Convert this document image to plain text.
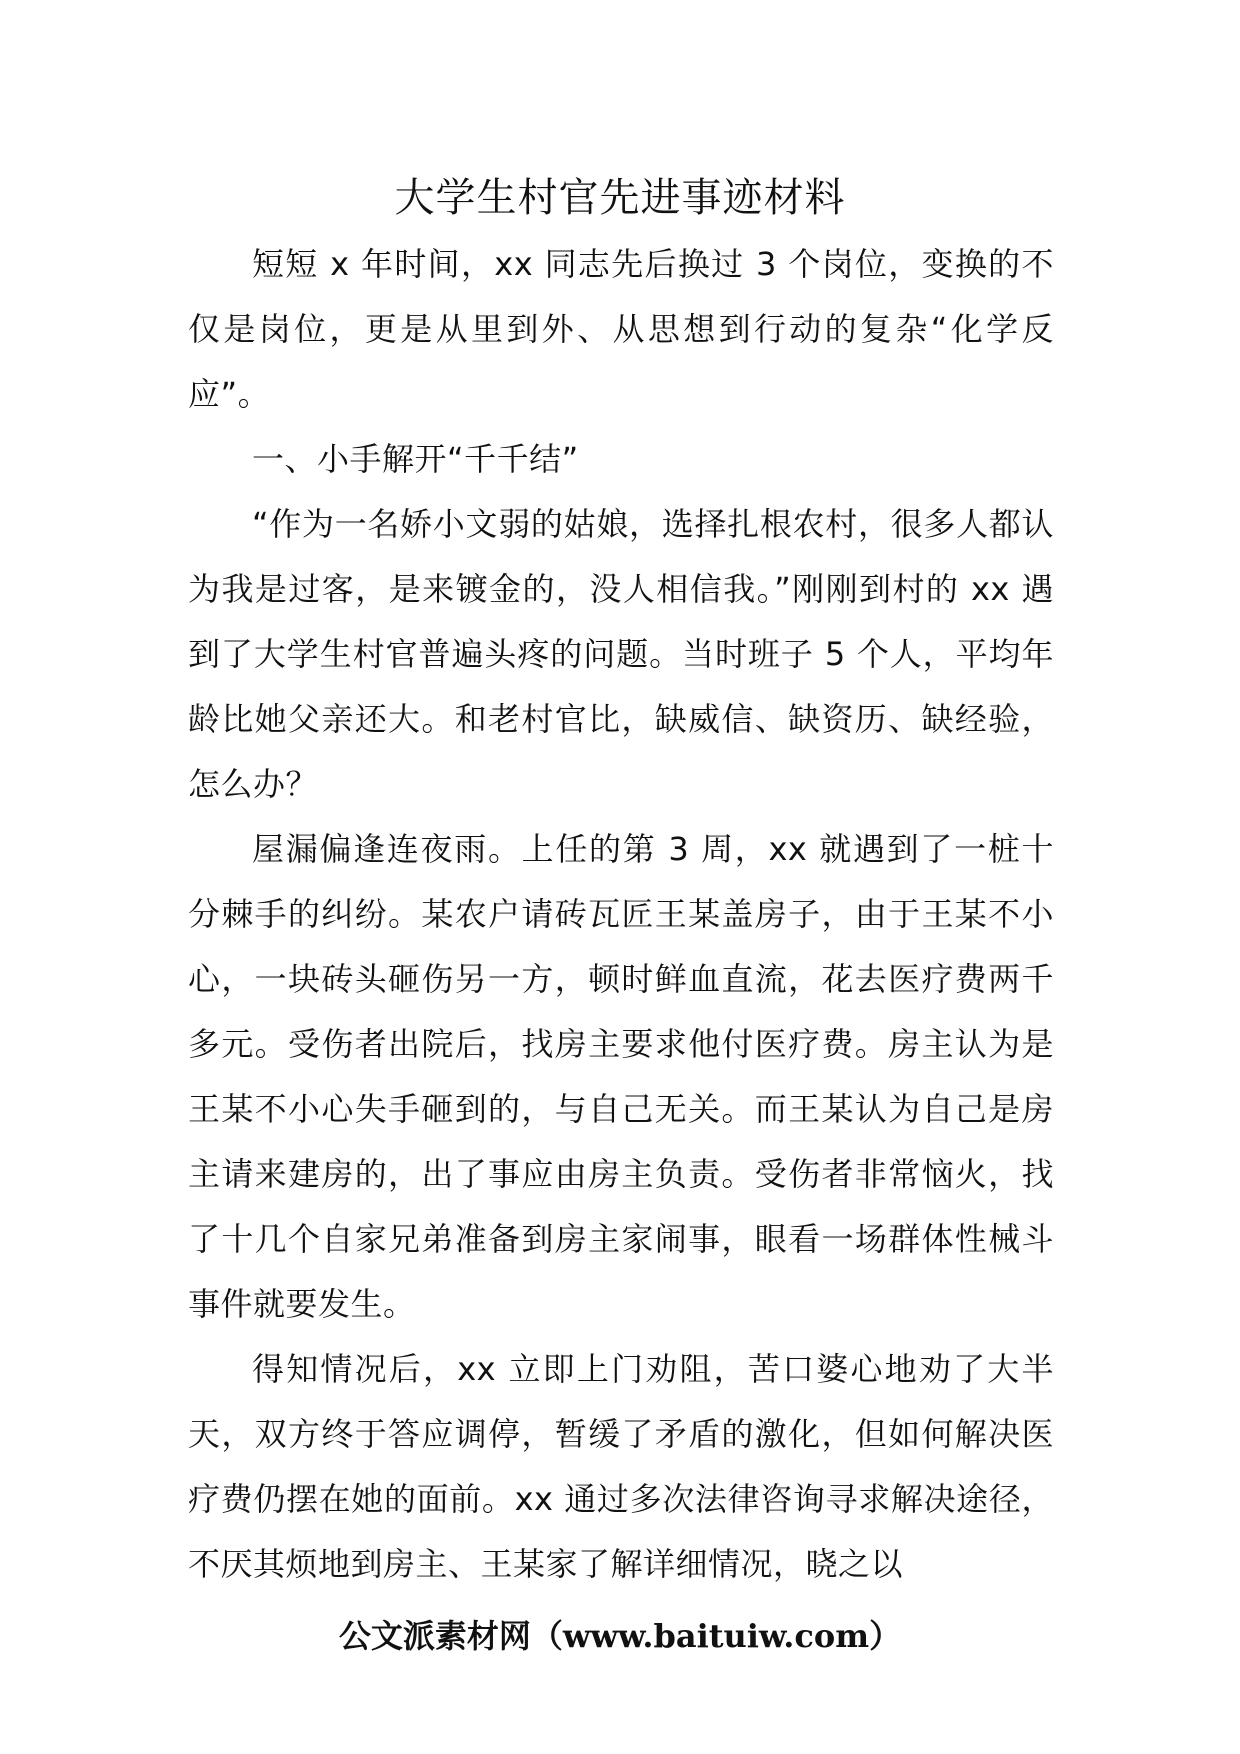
大学生村官先进事迹材料

短短 x 年时间，xx 同志先后换过 3 个岗位，变换的不仅是岗位，更是从里到外、从思想到行动的复杂“化学反应”。

一、小手解开“千千结”

“作为一名娇小文弱的姑娘，选择扎根农村，很多人都认为我是过客，是来镀金的，没人相信我。”刚刚到村的 xx 遇到了大学生村官普遍头疼的问题。当时班子 5 个人，平均年龄比她父亲还大。和老村官比，缺威信、缺资历、缺经验，怎么办？

屋漏偏逢连夜雨。上任的第 3 周，xx 就遇到了一桩十分棘手的纠纷。某农户请砖瓦匠王某盖房子，由于王某不小心，一块砖头砸伤另一方，顿时鲜血直流，花去医疗费两千多元。受伤者出院后，找房主要求他付医疗费。房主认为是王某不小心失手砸到的，与自己无关。而王某认为自己是房主请来建房的，出了事应由房主负责。受伤者非常恼火，找了十几个自家兄弟准备到房主家闹事，眼看一场群体性械斗事件就要发生。

得知情况后，xx 立即上门劝阻，苦口婆心地劝了大半天，双方终于答应调停，暂缓了矛盾的激化，但如何解决医疗费仍摆在她的面前。xx 通过多次法律咨询寻求解决途径，不厌其烦地到房主、王某家了解详细情况，晓之以

公文派素材网（www.baituiw.com）
